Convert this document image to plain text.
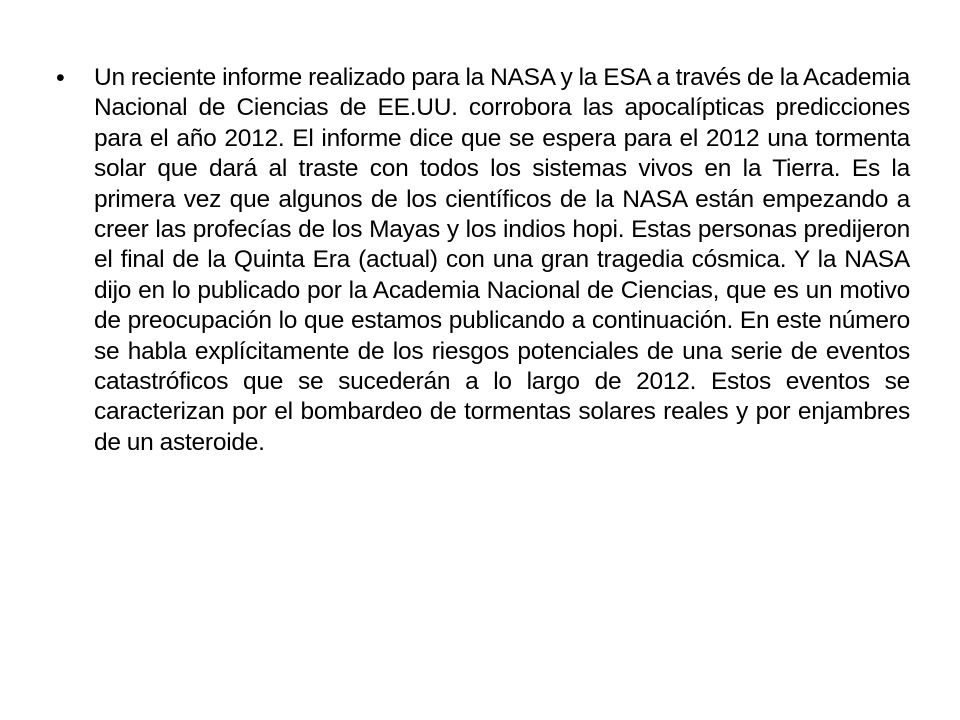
• Un reciente informe realizado para la NASA y la ESA a través de la Academia Nacional de Ciencias de EE.UU. corrobora las apocalípticas predicciones para el año 2012. El informe dice que se espera para el 2012 una tormenta solar que dará al traste con todos los sistemas vivos en la Tierra. Es la primera vez que algunos de los científicos de la NASA están empezando a creer las profecías de los Mayas y los indios hopi. Estas personas predijeron el final de la Quinta Era (actual) con una gran tragedia cósmica. Y la NASA dijo en lo publicado por la Academia Nacional de Ciencias, que es un motivo de preocupación lo que estamos publicando a continuación. En este número se habla explícitamente de los riesgos potenciales de una serie de eventos catastróficos que se sucederán a lo largo de 2012. Estos eventos se caracterizan por el bombardeo de tormentas solares reales y por enjambres de un asteroide.
